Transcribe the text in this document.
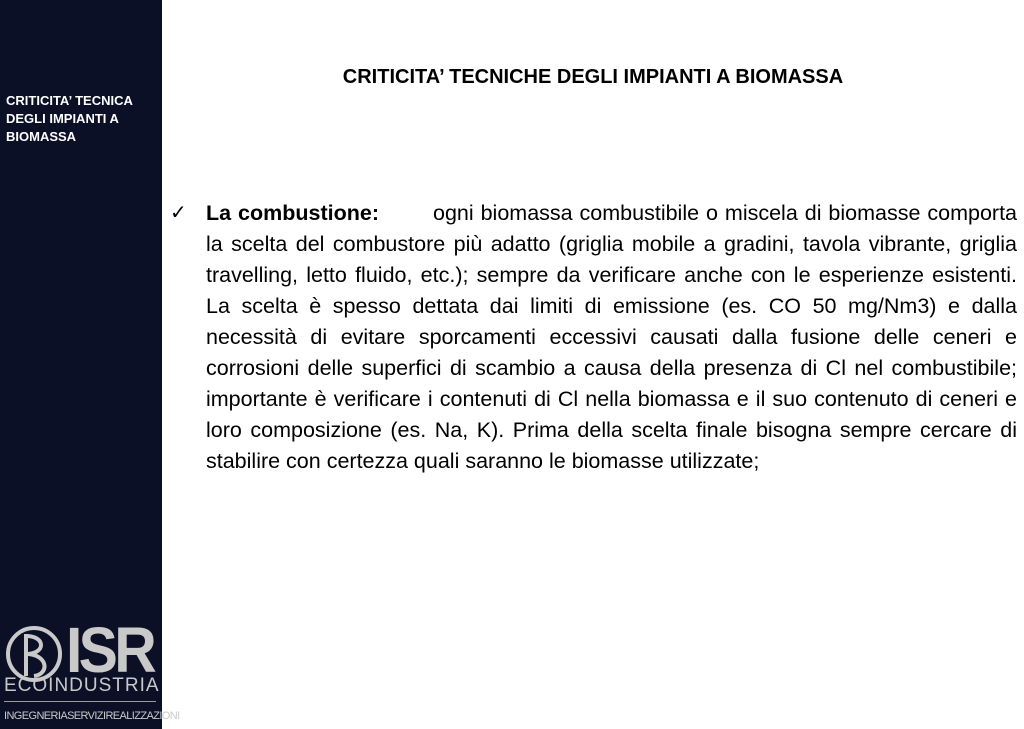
CRITICITA’ TECNICA DEGLI IMPIANTI A BIOMASSA
ISR
ECOINDUSTRIA
INGEGNERIASERVIZIREALIZZAZIONI
CRITICITA’ TECNICHE DEGLI IMPIANTI A BIOMASSA
✓ La combustione:	ogni biomassa combustibile o miscela di biomasse comporta la scelta del combustore più adatto (griglia mobile a gradini, tavola vibrante, griglia travelling, letto fluido, etc.); sempre da verificare anche con le esperienze esistenti. La scelta è spesso dettata dai limiti di emissione (es. CO 50 mg/Nm3) e dalla necessità di evitare sporcamenti eccessivi causati dalla fusione delle ceneri e corrosioni delle superfici di scambio a causa della presenza di Cl nel combustibile; importante è verificare i contenuti di Cl nella biomassa e il suo contenuto di ceneri e loro composizione (es. Na, K). Prima della scelta finale bisogna sempre cercare di stabilire con certezza quali saranno le biomasse utilizzate;
